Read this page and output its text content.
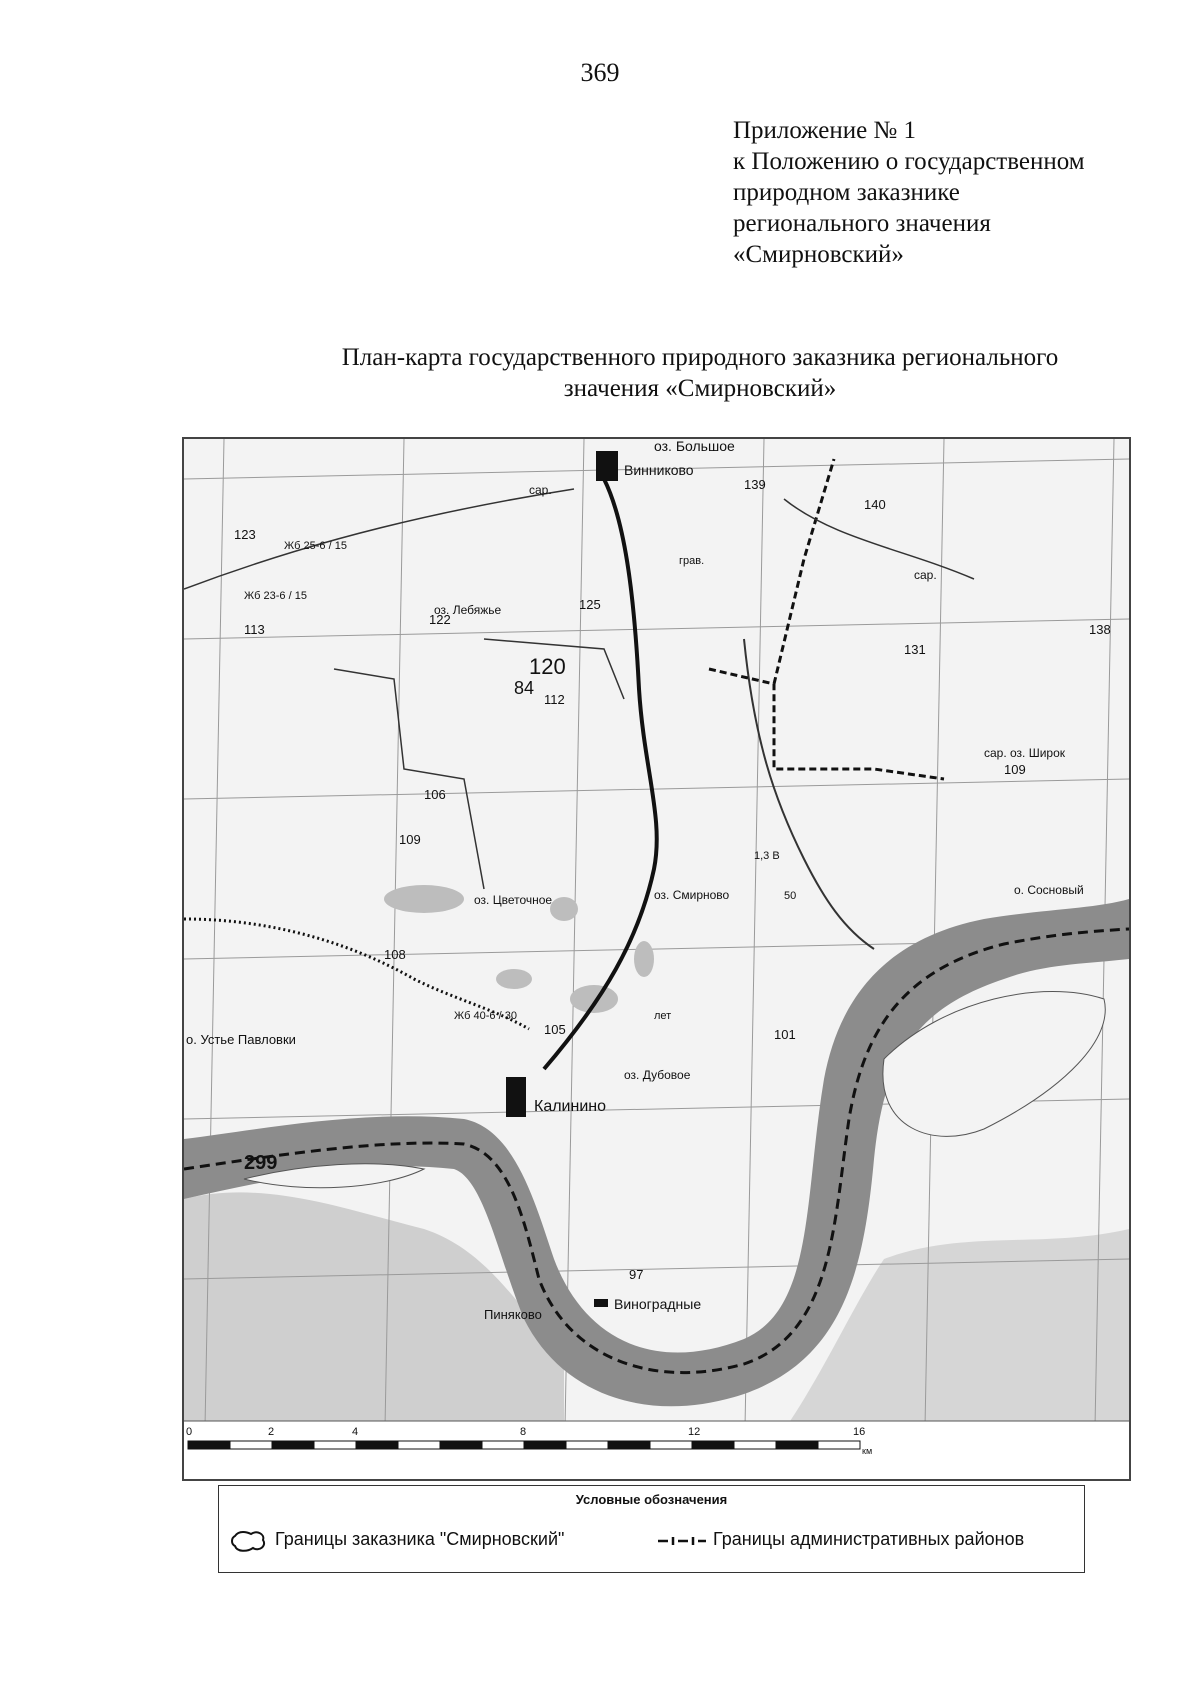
369
Приложение № 1
к Положению о государственном
природном заказнике
регионального значения
«Смирновский»
План-карта государственного природного заказника регионального
значения «Смирновский»
Винниково
оз. Большое
Калинино
Виноградные
Пиняково
о. Устье Павловки
оз. Лебяжье
оз. Цветочное	оз. Смирново
оз. Дубовое
сар. оз. Широк
о. Сосновый
грав.
сар.
сар.
Жб 25-6 / 15
Жб 23-6 / 15
Жб 40-6 / 30	лет
1,3 В
50
139
140
123
125
122
113	138
131
112
109
106
109
108
105	101
299
97
120
84
0	2	4	8	12	16
км
Условные обозначения
Границы заказника "Смирновский"	Границы административных районов
